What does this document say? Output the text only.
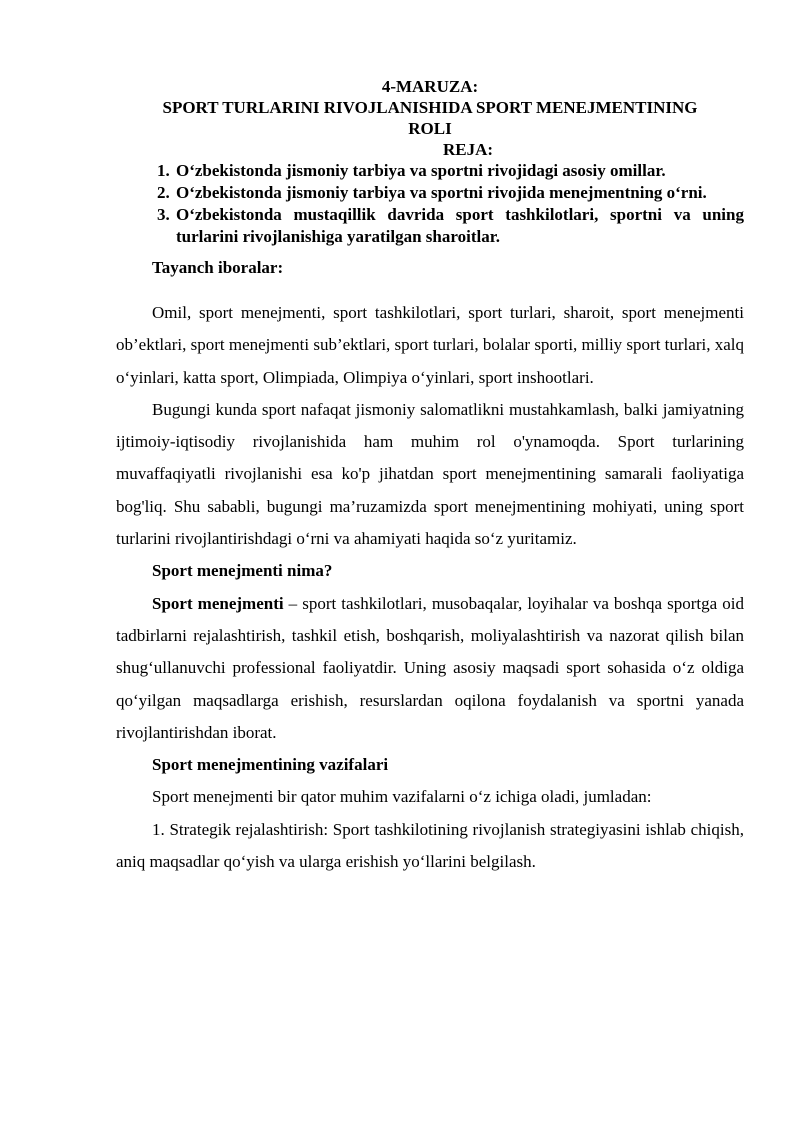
4-MARUZA:

SPORT TURLARINI RIVOJLANISHIDA SPORT MENEJMENTINING

ROLI

REJA:

1. O‘zbekistonda jismoniy tarbiya va sportni rivojidagi asosiy omillar.
2. O‘zbekistonda jismoniy tarbiya va sportni rivojida menejmentning o‘rni.
3. O‘zbekistonda mustaqillik davrida sport tashkilotlari, sportni va uning turlarini rivojlanishiga yaratilgan sharoitlar.

Tayanch iboralar:

Omil, sport menejmenti, sport tashkilotlari, sport turlari, sharoit, sport menejmenti ob’ektlari, sport menejmenti sub’ektlari, sport turlari, bolalar sporti, milliy sport turlari, xalq o‘yinlari, katta sport, Olimpiada, Olimpiya o‘yinlari, sport inshootlari.

Bugungi kunda sport nafaqat jismoniy salomatlikni mustahkamlash, balki jamiyatning ijtimoiy-iqtisodiy rivojlanishida ham muhim rol o'ynamoqda. Sport turlarining muvaffaqiyatli rivojlanishi esa ko'p jihatdan sport menejmentining samarali faoliyatiga bog'liq. Shu sababli, bugungi ma’ruzamizda sport menejmentining mohiyati, uning sport turlarini rivojlantirishdagi o‘rni va ahamiyati haqida so‘z yuritamiz.

Sport menejmenti nima?

Sport menejmenti – sport tashkilotlari, musobaqalar, loyihalar va boshqa sportga oid tadbirlarni rejalashtirish, tashkil etish, boshqarish, moliyalashtirish va nazorat qilish bilan shug‘ullanuvchi professional faoliyatdir. Uning asosiy maqsadi sport sohasida o‘z oldiga qo‘yilgan maqsadlarga erishish, resurslardan oqilona foydalanish va sportni yanada rivojlantirishdan iborat.

Sport menejmentining vazifalari

Sport menejmenti bir qator muhim vazifalarni o‘z ichiga oladi, jumladan:

1. Strategik rejalashtirish: Sport tashkilotining rivojlanish strategiyasini ishlab chiqish, aniq maqsadlar qo‘yish va ularga erishish yo‘llarini belgilash.
